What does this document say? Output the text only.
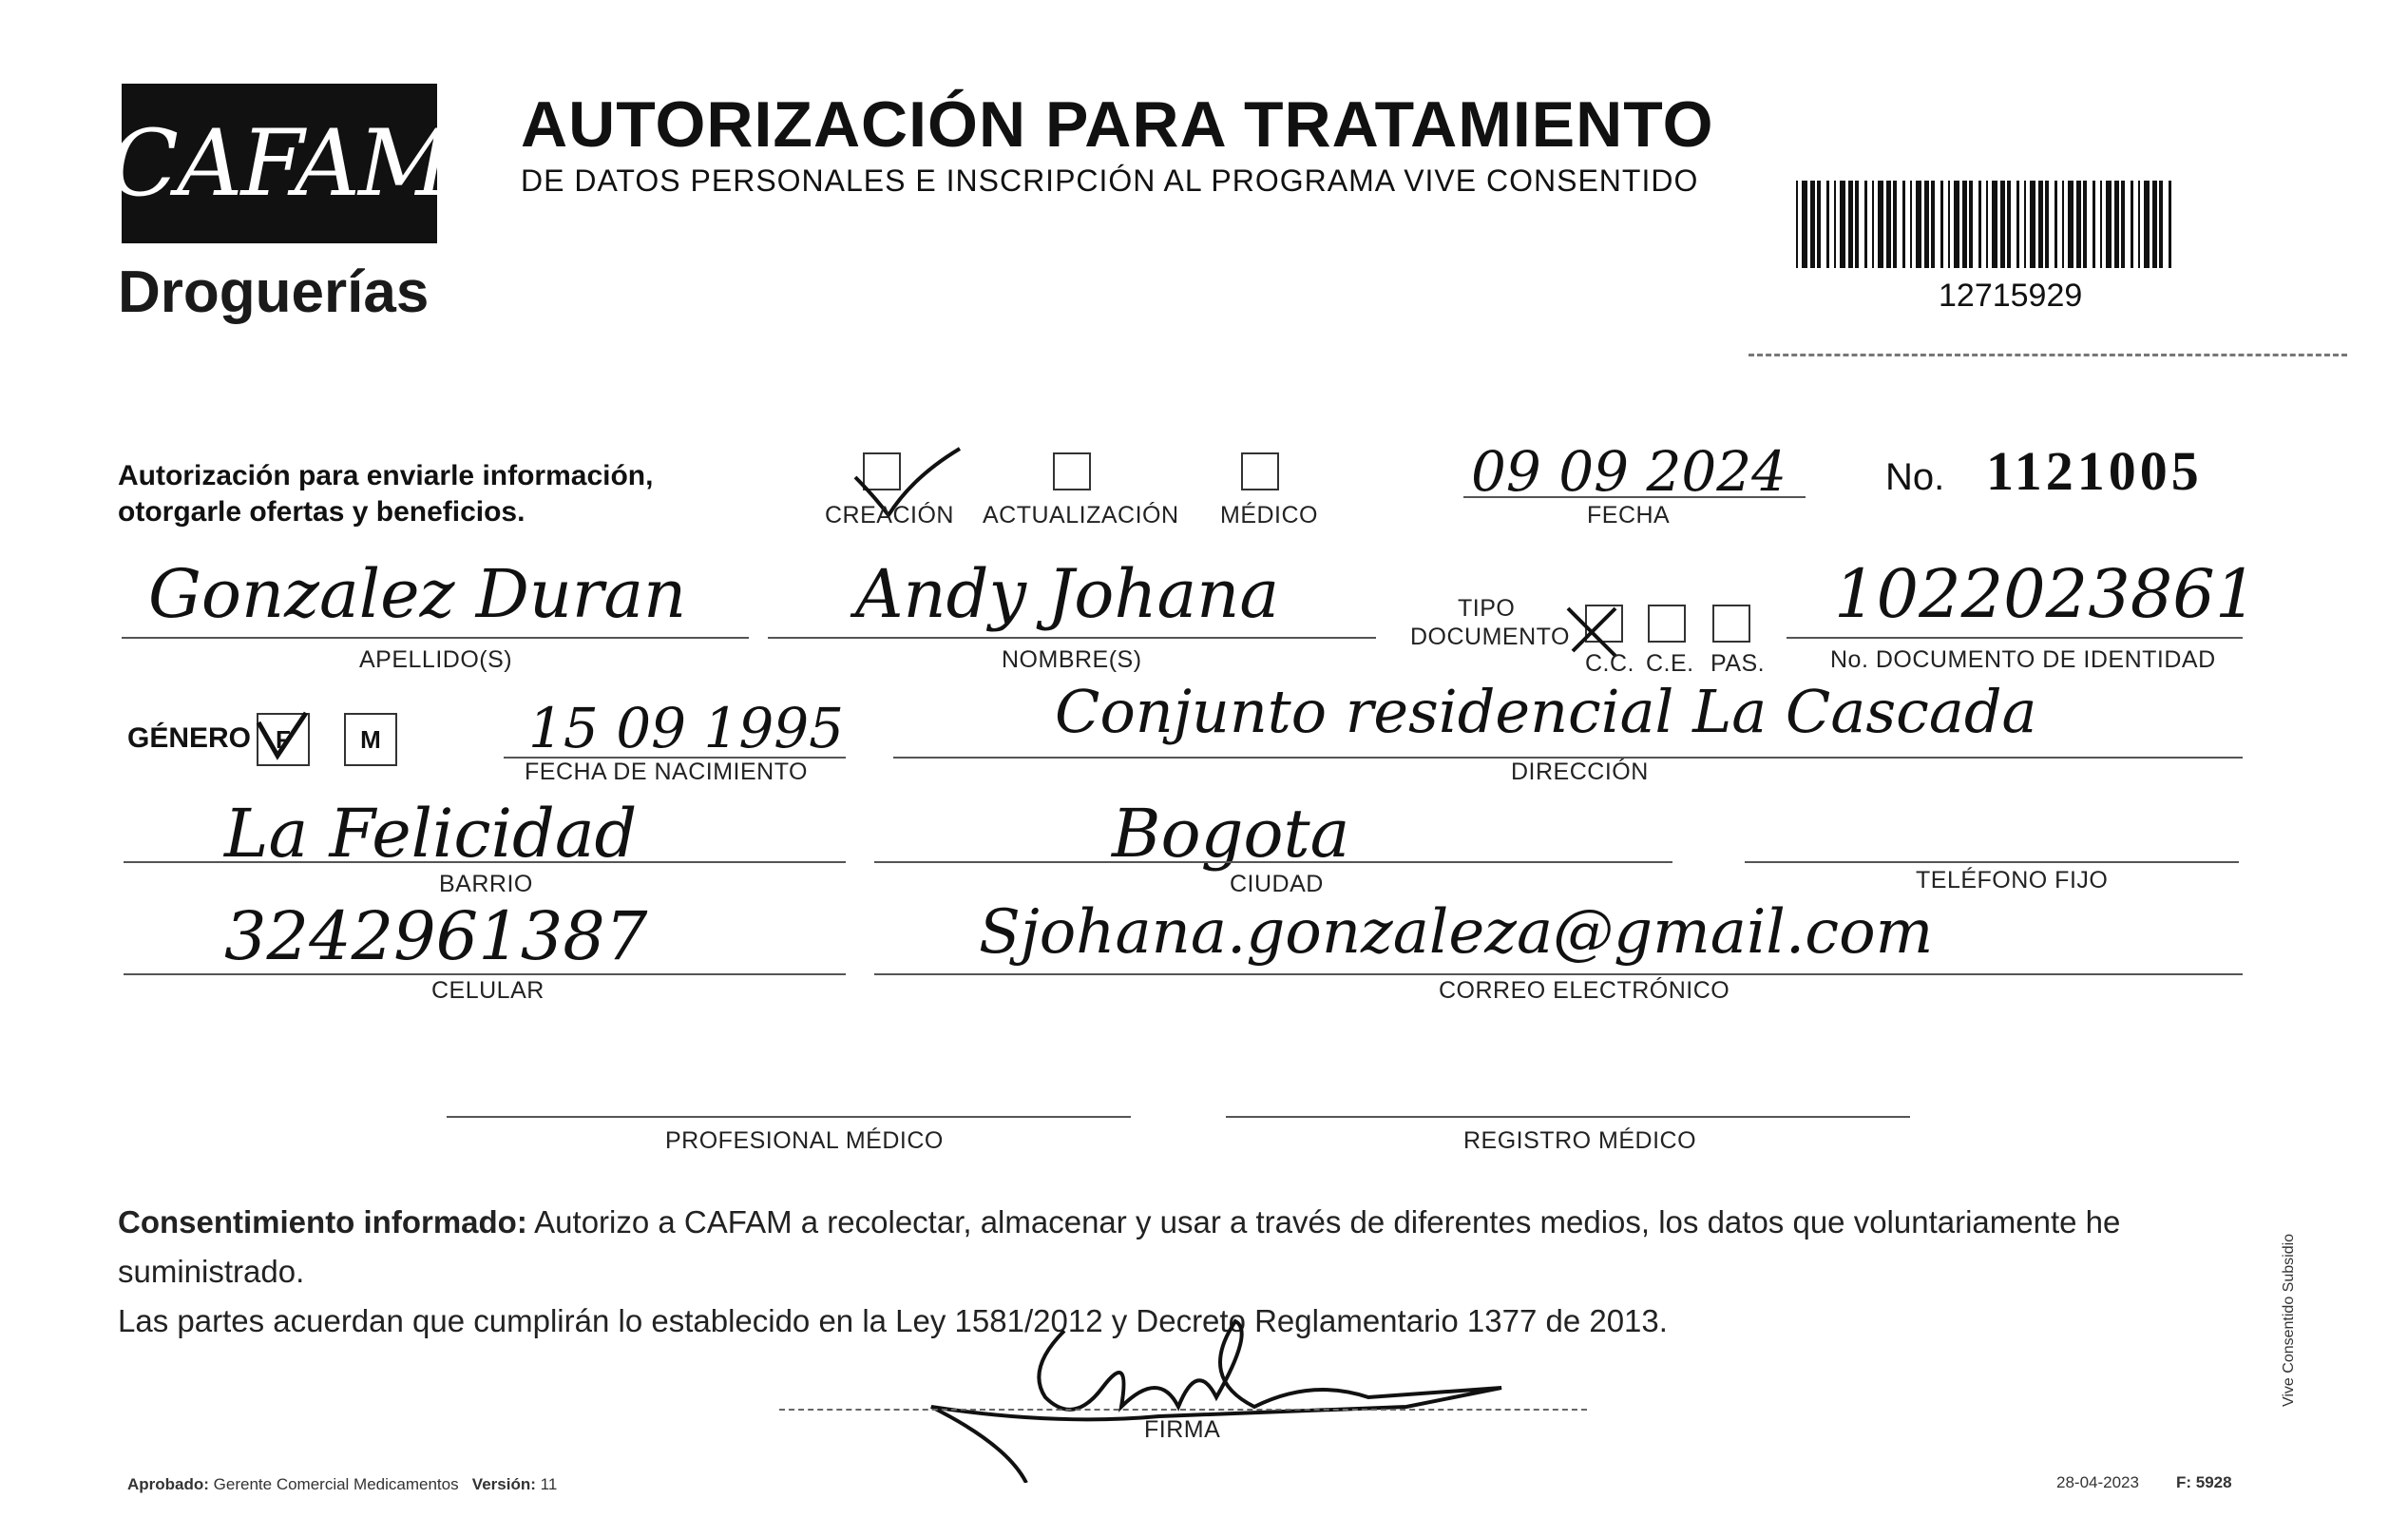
CAFAM
Droguerías
AUTORIZACIÓN PARA TRATAMIENTO
DE DATOS PERSONALES E INSCRIPCIÓN AL PROGRAMA VIVE CONSENTIDO
12715929
Autorización para enviarle información,
otorgarle ofertas y beneficios.	CREACIÓN ACTUALIZACIÓN MÉDICO
09 09 2024
FECHA
No. 1121005
Gonzalez Duran
APELLIDO(S)
Andy Johana
NOMBRE(S)
TIPO
DOCUMENTO
C.C. C.E. PAS.
1022023861
No. DOCUMENTO DE IDENTIDAD
GÉNERO F	M	15 09 1995
FECHA DE NACIMIENTO
Conjunto residencial La Cascada
DIRECCIÓN
La Felicidad
BARRIO
Bogota
CIUDAD	TELÉFONO FIJO
3242961387
CELULAR
Sjohana.gonzaleza@gmail.com
CORREO ELECTRÓNICO
PROFESIONAL MÉDICO	REGISTRO MÉDICO
Consentimiento informado: Autorizo a CAFAM a recolectar, almacenar y usar a través de diferentes medios, los datos que voluntariamente he suministrado.
Las partes acuerdan que cumplirán lo establecido en la Ley 1581/2012 y Decreto Reglamentario 1377 de 2013.
FIRMA
Aprobado: Gerente Comercial Medicamentos Versión: 11	28-04-2023 F: 5928
Vive Consentido Subsidio
